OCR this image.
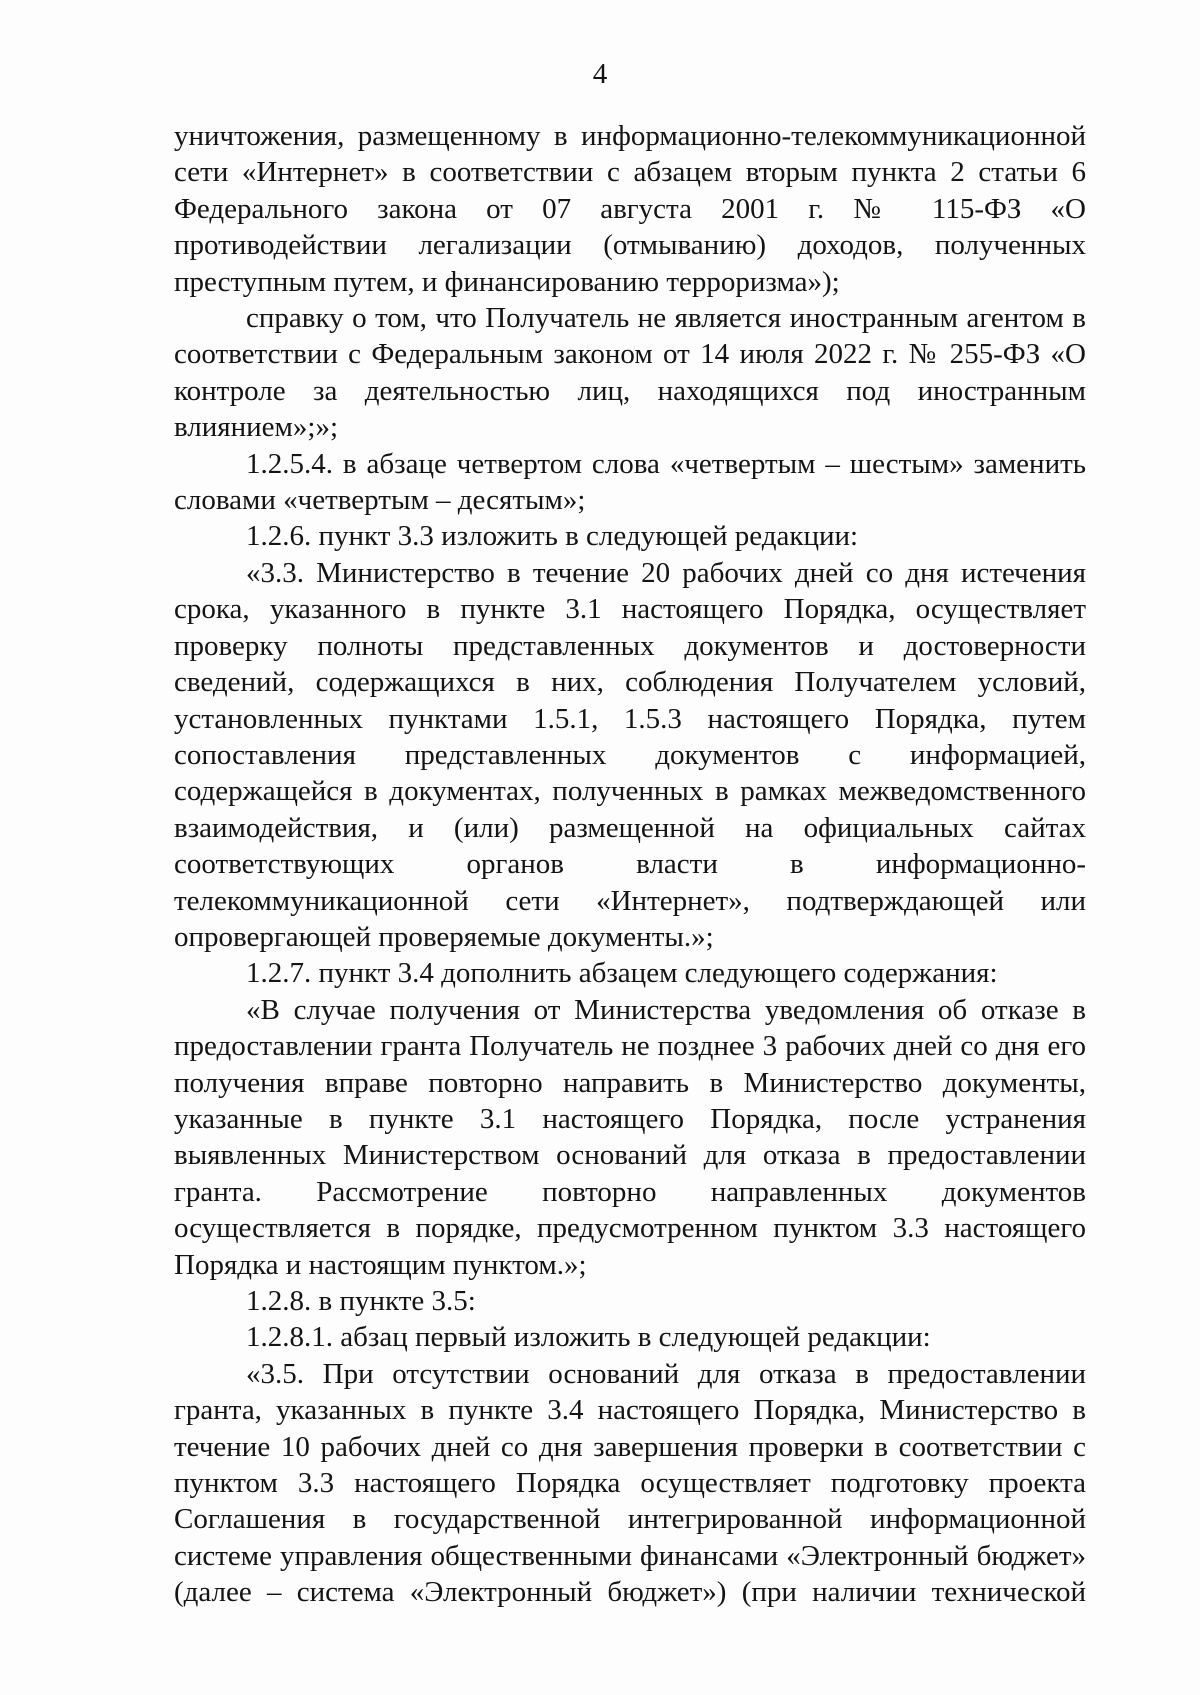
4

уничтожения, размещенному в информационно-телекоммуникационной сети «Интернет» в соответствии с абзацем вторым пункта 2 статьи 6 Федерального закона от 07 августа 2001 г. № 115-ФЗ «О противодействии легализации (отмыванию) доходов, полученных преступным путем, и финансированию терроризма»);

справку о том, что Получатель не является иностранным агентом в соответствии с Федеральным законом от 14 июля 2022 г. № 255-ФЗ «О контроле за деятельностью лиц, находящихся под иностранным влиянием»;»;

1.2.5.4. в абзаце четвертом слова «четвертым – шестым» заменить словами «четвертым – десятым»;

1.2.6. пункт 3.3 изложить в следующей редакции:

«3.3. Министерство в течение 20 рабочих дней со дня истечения срока, указанного в пункте 3.1 настоящего Порядка, осуществляет проверку полноты представленных документов и достоверности сведений, содержащихся в них, соблюдения Получателем условий, установленных пунктами 1.5.1, 1.5.3 настоящего Порядка, путем сопоставления представленных документов с информацией, содержащейся в документах, полученных в рамках межведомственного взаимодействия, и (или) размещенной на официальных сайтах соответствующих органов власти в информационно-телекоммуникационной сети «Интернет», подтверждающей или опровергающей проверяемые документы.»;

1.2.7. пункт 3.4 дополнить абзацем следующего содержания:

«В случае получения от Министерства уведомления об отказе в предоставлении гранта Получатель не позднее 3 рабочих дней со дня его получения вправе повторно направить в Министерство документы, указанные в пункте 3.1 настоящего Порядка, после устранения выявленных Министерством оснований для отказа в предоставлении гранта. Рассмотрение повторно направленных документов осуществляется в порядке, предусмотренном пунктом 3.3 настоящего Порядка и настоящим пунктом.»;

1.2.8. в пункте 3.5:

1.2.8.1. абзац первый изложить в следующей редакции:

«3.5. При отсутствии оснований для отказа в предоставлении гранта, указанных в пункте 3.4 настоящего Порядка, Министерство в течение 10 рабочих дней со дня завершения проверки в соответствии с пунктом 3.3 настоящего Порядка осуществляет подготовку проекта Соглашения в государственной интегрированной информационной системе управления общественными финансами «Электронный бюджет» (далее – система «Электронный бюджет») (при наличии технической
